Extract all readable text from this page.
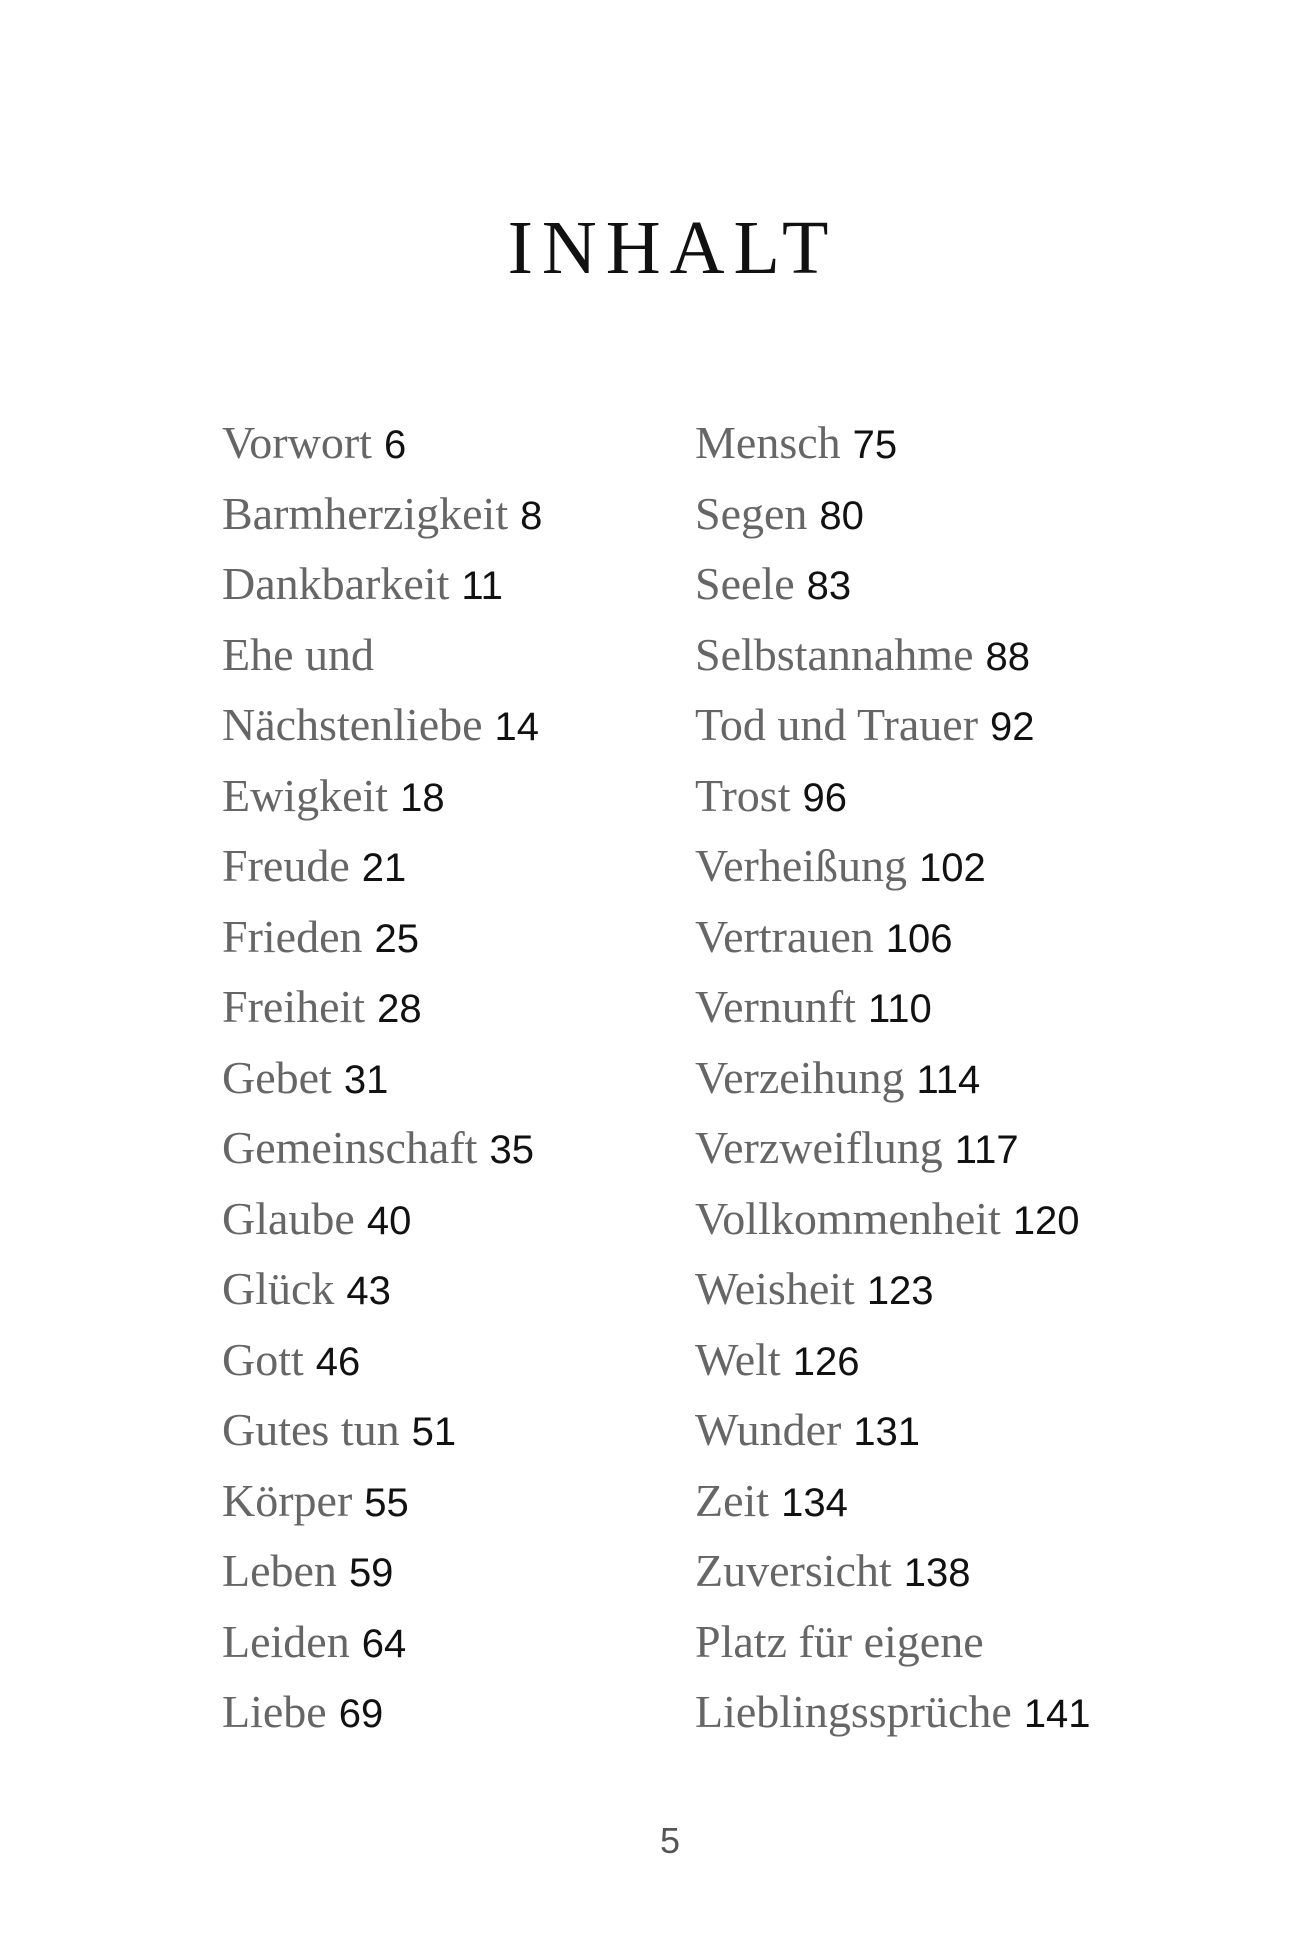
INHALT
Vorwort 6
Barmherzigkeit 8
Dankbarkeit 11
Ehe und
Nächstenliebe 14
Ewigkeit 18
Freude 21
Frieden 25
Freiheit 28
Gebet 31
Gemeinschaft 35
Glaube 40
Glück 43
Gott 46
Gutes tun 51
Körper 55
Leben 59
Leiden 64
Liebe 69
Mensch 75
Segen 80
Seele 83
Selbstannahme 88
Tod und Trauer 92
Trost 96
Verheißung 102
Vertrauen 106
Vernunft 110
Verzeihung 114
Verzweiflung 117
Vollkommenheit 120
Weisheit 123
Welt 126
Wunder 131
Zeit 134
Zuversicht 138
Platz für eigene
Lieblingssprüche 141
5
